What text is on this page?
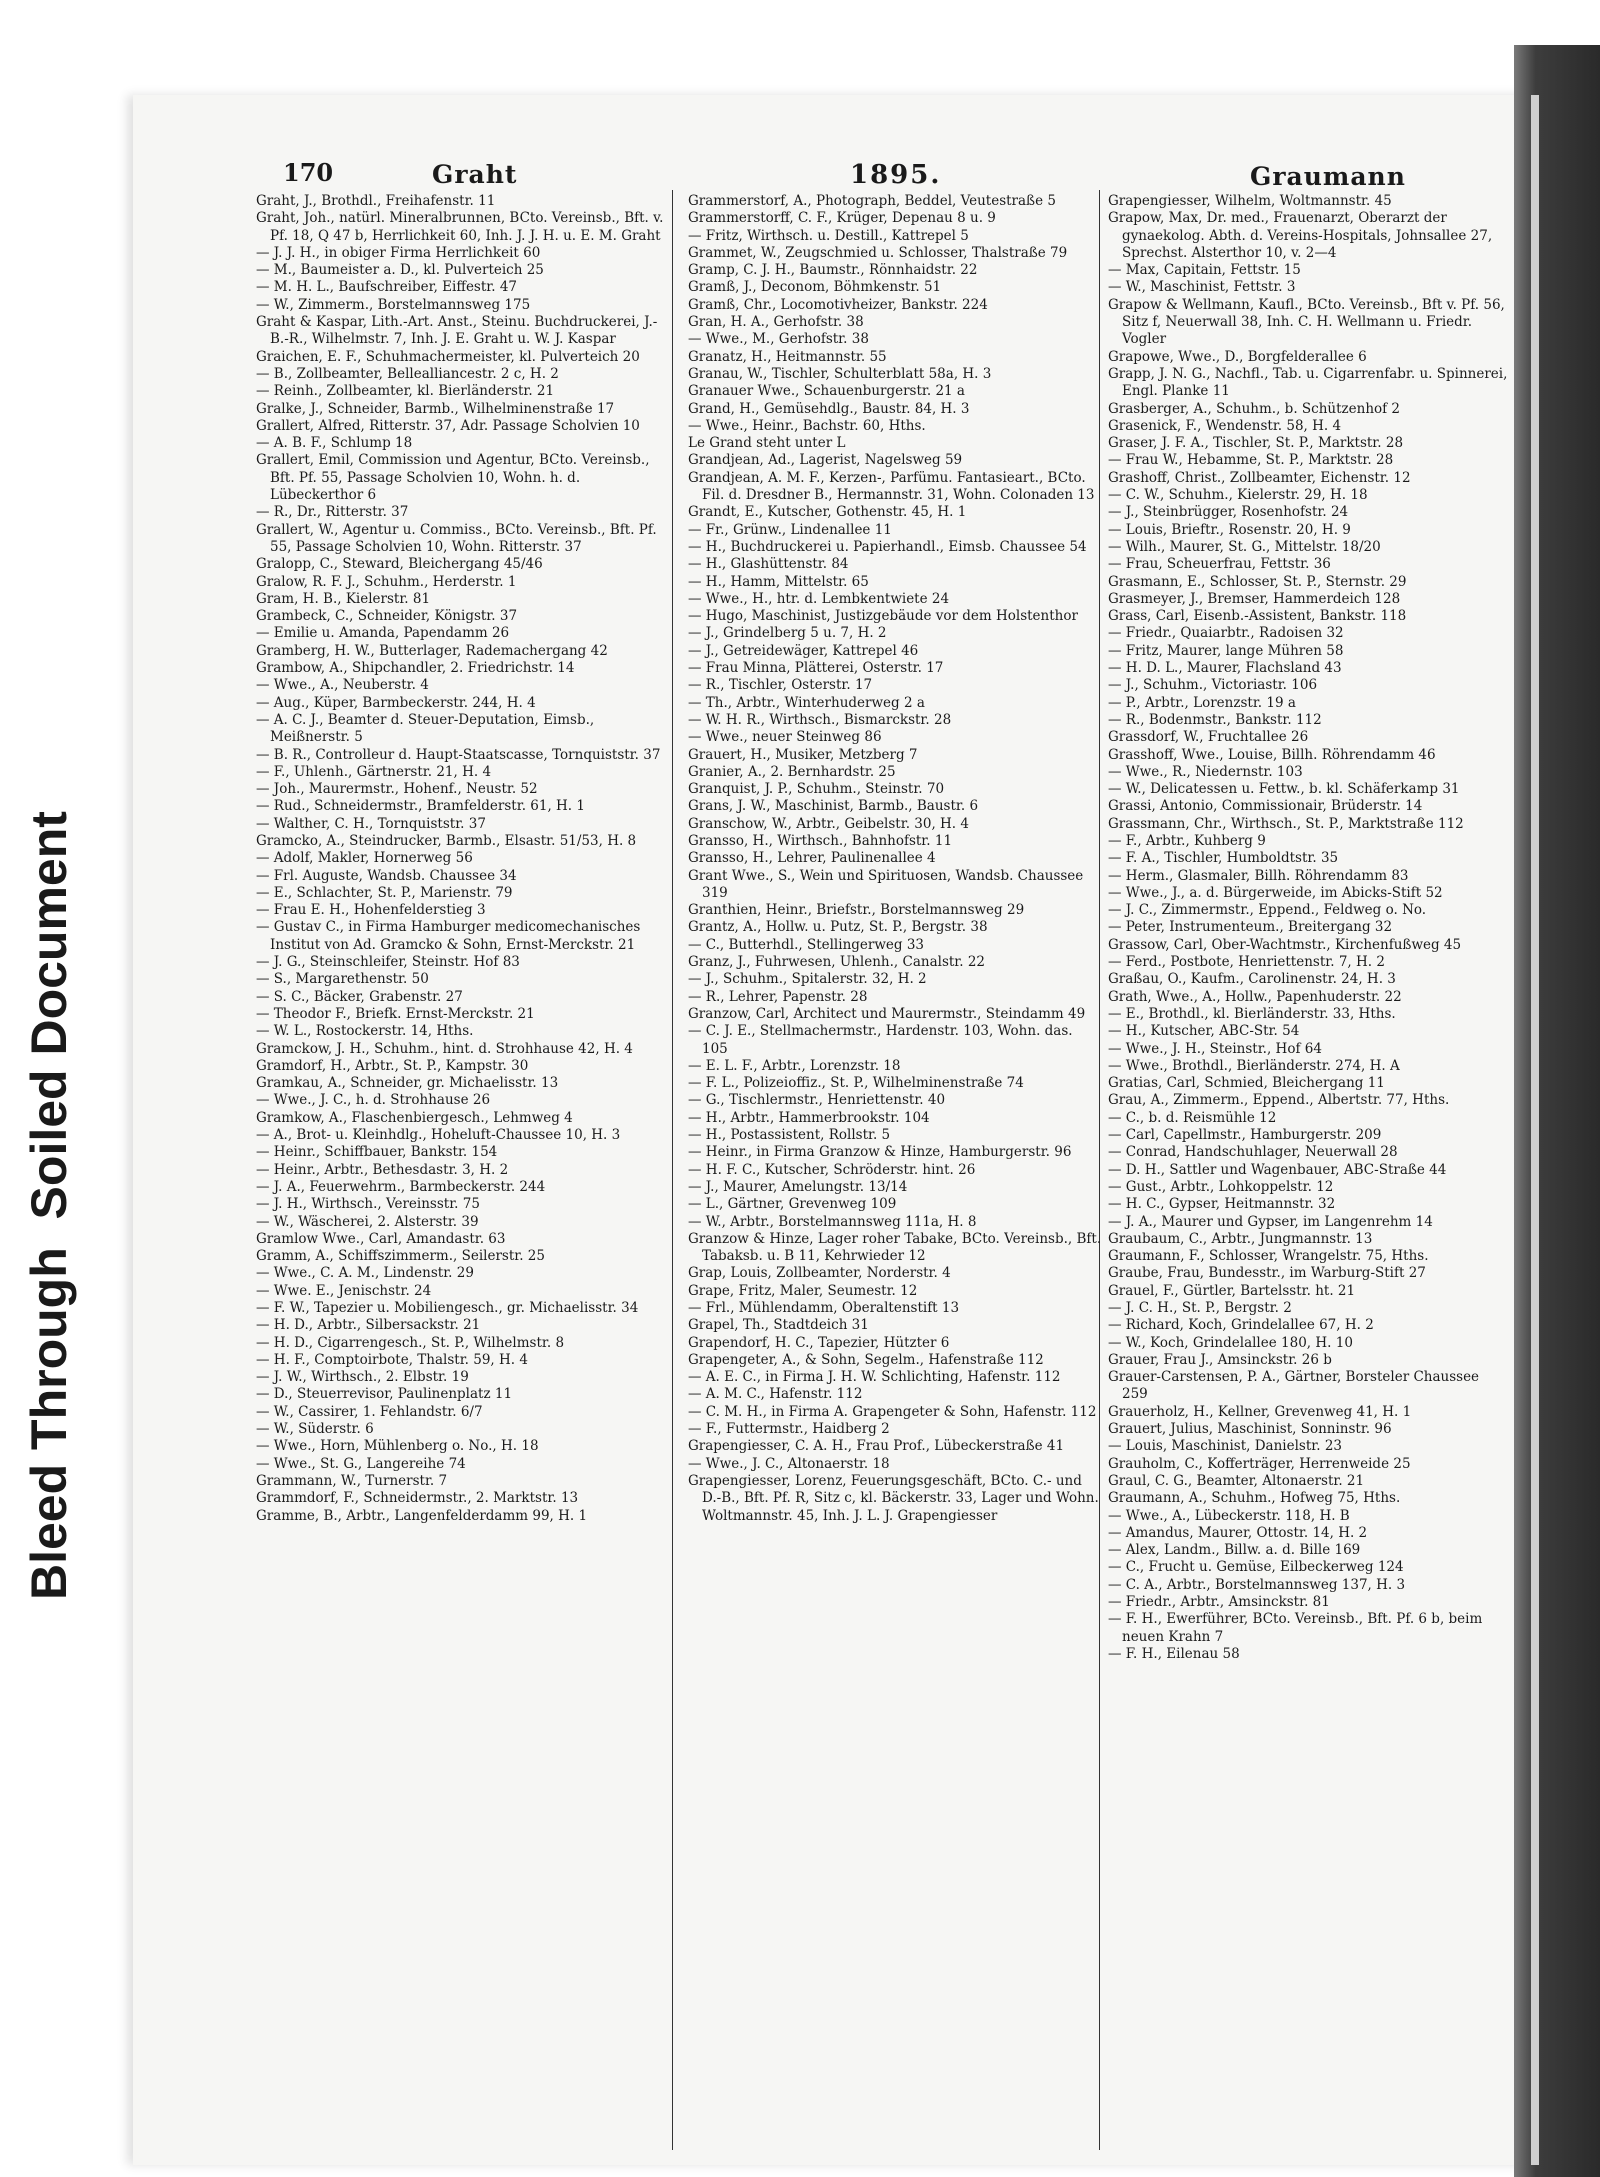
Bleed Through  Soiled Document
170	Graht	1895.	Graumann
Graht, J., Brothdl., Freihafenstr. 11
Graht, Joh., natürl. Mineralbrunnen, BCto. Vereinsb., Bft. v. Pf. 18, Q 47 b, Herrlichkeit 60, Inh. J. J. H. u. E. M. Graht
— J. J. H., in obiger Firma Herrlichkeit 60
— M., Baumeister a. D., kl. Pulverteich 25
— M. H. L., Baufschreiber, Eiffestr. 47
— W., Zimmerm., Borstelmannsweg 175
Graht & Kaspar, Lith.-Art. Anst., Steinu. Buchdruckerei, J.-B.-R., Wilhelmstr. 7, Inh. J. E. Graht u. W. J. Kaspar
Graichen, E. F., Schuhmachermeister, kl. Pulverteich 20
— B., Zollbeamter, Bellealliancestr. 2 c, H. 2
— Reinh., Zollbeamter, kl. Bierländerstr. 21
Gralke, J., Schneider, Barmb., Wilhelminenstraße 17
Grallert, Alfred, Ritterstr. 37, Adr. Passage Scholvien 10
— A. B. F., Schlump 18
Grallert, Emil, Commission und Agentur, BCto. Vereinsb., Bft. Pf. 55, Passage Scholvien 10, Wohn. h. d. Lübeckerthor 6
— R., Dr., Ritterstr. 37
Grallert, W., Agentur u. Commiss., BCto. Vereinsb., Bft. Pf. 55, Passage Scholvien 10, Wohn. Ritterstr. 37
Gralopp, C., Steward, Bleichergang 45/46
Gralow, R. F. J., Schuhm., Herderstr. 1
Gram, H. B., Kielerstr. 81
Grambeck, C., Schneider, Königstr. 37
— Emilie u. Amanda, Papendamm 26
Gramberg, H. W., Butterlager, Rademachergang 42
Grambow, A., Shipchandler, 2. Friedrichstr. 14
— Wwe., A., Neuberstr. 4
— Aug., Küper, Barmbeckerstr. 244, H. 4
— A. C. J., Beamter d. Steuer-Deputation, Eimsb., Meißnerstr. 5
— B. R., Controlleur d. Haupt-Staatscasse, Tornquiststr. 37
— F., Uhlenh., Gärtnerstr. 21, H. 4
— Joh., Maurermstr., Hohenf., Neustr. 52
— Rud., Schneidermstr., Bramfelderstr. 61, H. 1
— Walther, C. H., Tornquiststr. 37
Gramcko, A., Steindrucker, Barmb., Elsastr. 51/53, H. 8
— Adolf, Makler, Hornerweg 56
— Frl. Auguste, Wandsb. Chaussee 34
— E., Schlachter, St. P., Marienstr. 79
— Frau E. H., Hohenfelderstieg 3
— Gustav C., in Firma Hamburger medicomechanisches Institut von Ad. Gramcko & Sohn, Ernst-Merckstr. 21
— J. G., Steinschleifer, Steinstr. Hof 83
— S., Margarethenstr. 50
— S. C., Bäcker, Grabenstr. 27
— Theodor F., Briefk. Ernst-Merckstr. 21
— W. L., Rostockerstr. 14, Hths.
Gramckow, J. H., Schuhm., hint. d. Strohhause 42, H. 4
Gramdorf, H., Arbtr., St. P., Kampstr. 30
Gramkau, A., Schneider, gr. Michaelisstr. 13
— Wwe., J. C., h. d. Strohhause 26
Gramkow, A., Flaschenbiergesch., Lehmweg 4
— A., Brot- u. Kleinhdlg., Hoheluft-Chaussee 10, H. 3
— Heinr., Schiffbauer, Bankstr. 154
— Heinr., Arbtr., Bethesdastr. 3, H. 2
— J. A., Feuerwehrm., Barmbeckerstr. 244
— J. H., Wirthsch., Vereinsstr. 75
— W., Wäscherei, 2. Alsterstr. 39
Gramlow Wwe., Carl, Amandastr. 63
Gramm, A., Schiffszimmerm., Seilerstr. 25
— Wwe., C. A. M., Lindenstr. 29
— Wwe. E., Jenischstr. 24
— F. W., Tapezier u. Mobiliengesch., gr. Michaelisstr. 34
— H. D., Arbtr., Silbersackstr. 21
— H. D., Cigarrengesch., St. P., Wilhelmstr. 8
— H. F., Comptoirbote, Thalstr. 59, H. 4
— J. W., Wirthsch., 2. Elbstr. 19
— D., Steuerrevisor, Paulinenplatz 11
— W., Cassirer, 1. Fehlandstr. 6/7
— W., Süderstr. 6
— Wwe., Horn, Mühlenberg o. No., H. 18
— Wwe., St. G., Langereihe 74
Grammann, W., Turnerstr. 7
Grammdorf, F., Schneidermstr., 2. Marktstr. 13
Gramme, B., Arbtr., Langenfelderdamm 99, H. 1
Grammerstorf, A., Photograph, Beddel, Veutestraße 5
Grammerstorff, C. F., Krüger, Depenau 8 u. 9
— Fritz, Wirthsch. u. Destill., Kattrepel 5
Grammet, W., Zeugschmied u. Schlosser, Thalstraße 79
Gramp, C. J. H., Baumstr., Rönnhaidstr. 22
Gramß, J., Deconom, Böhmkenstr. 51
Gramß, Chr., Locomotivheizer, Bankstr. 224
Gran, H. A., Gerhofstr. 38
— Wwe., M., Gerhofstr. 38
Granatz, H., Heitmannstr. 55
Granau, W., Tischler, Schulterblatt 58a, H. 3
Granauer Wwe., Schauenburgerstr. 21 a
Grand, H., Gemüsehdlg., Baustr. 84, H. 3
— Wwe., Heinr., Bachstr. 60, Hths.
Le Grand steht unter L
Grandjean, Ad., Lagerist, Nagelsweg 59
Grandjean, A. M. F., Kerzen-, Parfümu. Fantasieart., BCto. Fil. d. Dresdner B., Hermannstr. 31, Wohn. Colonaden 13
Grandt, E., Kutscher, Gothenstr. 45, H. 1
— Fr., Grünw., Lindenallee 11
— H., Buchdruckerei u. Papierhandl., Eimsb. Chaussee 54
— H., Glashüttenstr. 84
— H., Hamm, Mittelstr. 65
— Wwe., H., htr. d. Lembkentwiete 24
— Hugo, Maschinist, Justizgebäude vor dem Holstenthor
— J., Grindelberg 5 u. 7, H. 2
— J., Getreidewäger, Kattrepel 46
— Frau Minna, Plätterei, Osterstr. 17
— R., Tischler, Osterstr. 17
— Th., Arbtr., Winterhuderweg 2 a
— W. H. R., Wirthsch., Bismarckstr. 28
— Wwe., neuer Steinweg 86
Grauert, H., Musiker, Metzberg 7
Granier, A., 2. Bernhardstr. 25
Granquist, J. P., Schuhm., Steinstr. 70
Grans, J. W., Maschinist, Barmb., Baustr. 6
Granschow, W., Arbtr., Geibelstr. 30, H. 4
Gransso, H., Wirthsch., Bahnhofstr. 11
Gransso, H., Lehrer, Paulinenallee 4
Grant Wwe., S., Wein und Spirituosen, Wandsb. Chaussee 319
Granthien, Heinr., Briefstr., Borstelmannsweg 29
Grantz, A., Hollw. u. Putz, St. P., Bergstr. 38
— C., Butterhdl., Stellingerweg 33
Granz, J., Fuhrwesen, Uhlenh., Canalstr. 22
— J., Schuhm., Spitalerstr. 32, H. 2
— R., Lehrer, Papenstr. 28
Granzow, Carl, Architect und Maurermstr., Steindamm 49
— C. J. E., Stellmachermstr., Hardenstr. 103, Wohn. das. 105
— E. L. F., Arbtr., Lorenzstr. 18
— F. L., Polizeioffiz., St. P., Wilhelminenstraße 74
— G., Tischlermstr., Henriettenstr. 40
— H., Arbtr., Hammerbrookstr. 104
— H., Postassistent, Rollstr. 5
— Heinr., in Firma Granzow & Hinze, Hamburgerstr. 96
— H. F. C., Kutscher, Schröderstr. hint. 26
— J., Maurer, Amelungstr. 13/14
— L., Gärtner, Grevenweg 109
— W., Arbtr., Borstelmannsweg 111a, H. 8
Granzow & Hinze, Lager roher Tabake, BCto. Vereinsb., Bft. Tabaksb. u. B 11, Kehrwieder 12
Grap, Louis, Zollbeamter, Norderstr. 4
Grape, Fritz, Maler, Seumestr. 12
— Frl., Mühlendamm, Oberaltenstift 13
Grapel, Th., Stadtdeich 31
Grapendorf, H. C., Tapezier, Hützter 6
Grapengeter, A., & Sohn, Segelm., Hafenstraße 112
— A. E. C., in Firma J. H. W. Schlichting, Hafenstr. 112
— A. M. C., Hafenstr. 112
— C. M. H., in Firma A. Grapengeter & Sohn, Hafenstr. 112
— F., Futtermstr., Haidberg 2
Grapengiesser, C. A. H., Frau Prof., Lübeckerstraße 41
— Wwe., J. C., Altonaerstr. 18
Grapengiesser, Lorenz, Feuerungsgeschäft, BCto. C.- und D.-B., Bft. Pf. R, Sitz c, kl. Bäckerstr. 33, Lager und Wohn. Woltmannstr. 45, Inh. J. L. J. Grapengiesser
Grapengiesser, Wilhelm, Woltmannstr. 45
Grapow, Max, Dr. med., Frauenarzt, Oberarzt der gynaekolog. Abth. d. Vereins-Hospitals, Johnsallee 27, Sprechst. Alsterthor 10, v. 2—4
— Max, Capitain, Fettstr. 15
— W., Maschinist, Fettstr. 3
Grapow & Wellmann, Kaufl., BCto. Vereinsb., Bft v. Pf. 56, Sitz f, Neuerwall 38, Inh. C. H. Wellmann u. Friedr. Vogler
Grapowe, Wwe., D., Borgfelderallee 6
Grapp, J. N. G., Nachfl., Tab. u. Cigarrenfabr. u. Spinnerei, Engl. Planke 11
Grasberger, A., Schuhm., b. Schützenhof 2
Grasenick, F., Wendenstr. 58, H. 4
Graser, J. F. A., Tischler, St. P., Marktstr. 28
— Frau W., Hebamme, St. P., Marktstr. 28
Grashoff, Christ., Zollbeamter, Eichenstr. 12
— C. W., Schuhm., Kielerstr. 29, H. 18
— J., Steinbrügger, Rosenhofstr. 24
— Louis, Brieftr., Rosenstr. 20, H. 9
— Wilh., Maurer, St. G., Mittelstr. 18/20
— Frau, Scheuerfrau, Fettstr. 36
Grasmann, E., Schlosser, St. P., Sternstr. 29
Grasmeyer, J., Bremser, Hammerdeich 128
Grass, Carl, Eisenb.-Assistent, Bankstr. 118
— Friedr., Quaiarbtr., Radoisen 32
— Fritz, Maurer, lange Mühren 58
— H. D. L., Maurer, Flachsland 43
— J., Schuhm., Victoriastr. 106
— P., Arbtr., Lorenzstr. 19 a
— R., Bodenmstr., Bankstr. 112
Grassdorf, W., Fruchtallee 26
Grasshoff, Wwe., Louise, Billh. Röhrendamm 46
— Wwe., R., Niedernstr. 103
— W., Delicatessen u. Fettw., b. kl. Schäferkamp 31
Grassi, Antonio, Commissionair, Brüderstr. 14
Grassmann, Chr., Wirthsch., St. P., Marktstraße 112
— F., Arbtr., Kuhberg 9
— F. A., Tischler, Humboldtstr. 35
— Herm., Glasmaler, Billh. Röhrendamm 83
— Wwe., J., a. d. Bürgerweide, im Abicks-Stift 52
— J. C., Zimmermstr., Eppend., Feldweg o. No.
— Peter, Instrumenteum., Breitergang 32
Grassow, Carl, Ober-Wachtmstr., Kirchenfußweg 45
— Ferd., Postbote, Henriettenstr. 7, H. 2
Graßau, O., Kaufm., Carolinenstr. 24, H. 3
Grath, Wwe., A., Hollw., Papenhuderstr. 22
— E., Brothdl., kl. Bierländerstr. 33, Hths.
— H., Kutscher, ABC-Str. 54
— Wwe., J. H., Steinstr., Hof 64
— Wwe., Brothdl., Bierländerstr. 274, H. A
Gratias, Carl, Schmied, Bleichergang 11
Grau, A., Zimmerm., Eppend., Albertstr. 77, Hths.
— C., b. d. Reismühle 12
— Carl, Capellmstr., Hamburgerstr. 209
— Conrad, Handschuhlager, Neuerwall 28
— D. H., Sattler und Wagenbauer, ABC-Straße 44
— Gust., Arbtr., Lohkoppelstr. 12
— H. C., Gypser, Heitmannstr. 32
— J. A., Maurer und Gypser, im Langenrehm 14
Graubaum, C., Arbtr., Jungmannstr. 13
Graumann, F., Schlosser, Wrangelstr. 75, Hths.
Graube, Frau, Bundesstr., im Warburg-Stift 27
Grauel, F., Gürtler, Bartelsstr. ht. 21
— J. C. H., St. P., Bergstr. 2
— Richard, Koch, Grindelallee 67, H. 2
— W., Koch, Grindelallee 180, H. 10
Grauer, Frau J., Amsinckstr. 26 b
Grauer-Carstensen, P. A., Gärtner, Borsteler Chaussee 259
Grauerholz, H., Kellner, Grevenweg 41, H. 1
Grauert, Julius, Maschinist, Sonninstr. 96
— Louis, Maschinist, Danielstr. 23
Grauholm, C., Kofferträger, Herrenweide 25
Graul, C. G., Beamter, Altonaerstr. 21
Graumann, A., Schuhm., Hofweg 75, Hths.
— Wwe., A., Lübeckerstr. 118, H. B
— Amandus, Maurer, Ottostr. 14, H. 2
— Alex, Landm., Billw. a. d. Bille 169
— C., Frucht u. Gemüse, Eilbeckerweg 124
— C. A., Arbtr., Borstelmannsweg 137, H. 3
— Friedr., Arbtr., Amsinckstr. 81
— F. H., Ewerführer, BCto. Vereinsb., Bft. Pf. 6 b, beim neuen Krahn 7
— F. H., Eilenau 58
